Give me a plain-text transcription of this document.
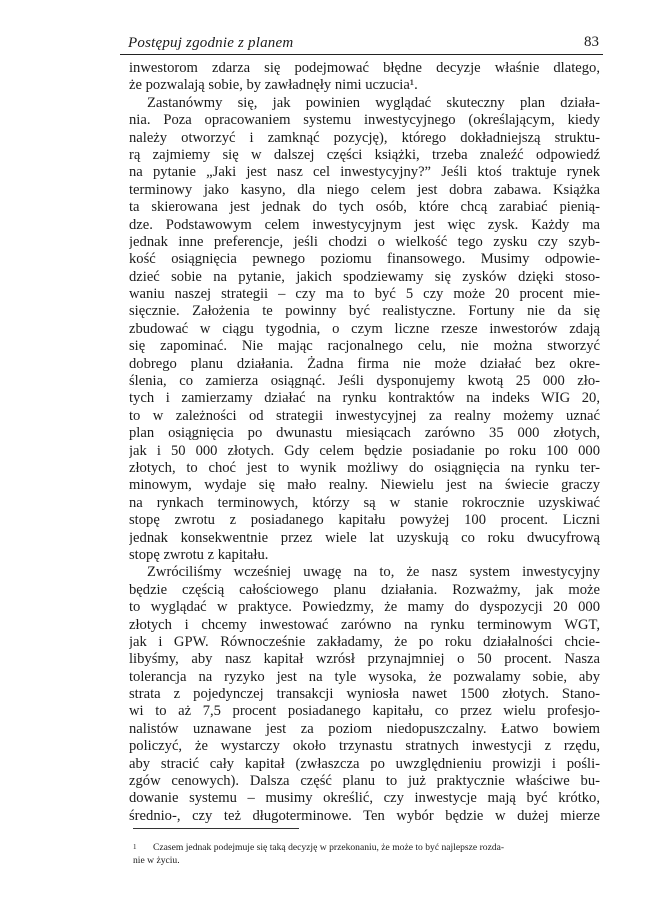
Postępuj zgodnie z planem	83
inwestorom zdarza się podejmować błędne decyzje właśnie dlatego,
że pozwalają sobie, by zawładnęły nimi uczucia¹.
Zastanówmy się, jak powinien wyglądać skuteczny plan działa-
nia. Poza opracowaniem systemu inwestycyjnego (określającym, kiedy
należy otworzyć i zamknąć pozycję), którego dokładniejszą struktu-
rą zajmiemy się w dalszej części książki, trzeba znaleźć odpowiedź
na pytanie „Jaki jest nasz cel inwestycyjny?” Jeśli ktoś traktuje rynek
terminowy jako kasyno, dla niego celem jest dobra zabawa. Książka
ta skierowana jest jednak do tych osób, które chcą zarabiać pienią-
dze. Podstawowym celem inwestycyjnym jest więc zysk. Każdy ma
jednak inne preferencje, jeśli chodzi o wielkość tego zysku czy szyb-
kość osiągnięcia pewnego poziomu finansowego. Musimy odpowie-
dzieć sobie na pytanie, jakich spodziewamy się zysków dzięki stoso-
waniu naszej strategii – czy ma to być 5 czy może 20 procent mie-
sięcznie. Założenia te powinny być realistyczne. Fortuny nie da się
zbudować w ciągu tygodnia, o czym liczne rzesze inwestorów zdają
się zapominać. Nie mając racjonalnego celu, nie można stworzyć
dobrego planu działania. Żadna firma nie może działać bez okre-
ślenia, co zamierza osiągnąć. Jeśli dysponujemy kwotą 25 000 zło-
tych i zamierzamy działać na rynku kontraktów na indeks WIG 20,
to w zależności od strategii inwestycyjnej za realny możemy uznać
plan osiągnięcia po dwunastu miesiącach zarówno 35 000 złotych,
jak i 50 000 złotych. Gdy celem będzie posiadanie po roku 100 000
złotych, to choć jest to wynik możliwy do osiągnięcia na rynku ter-
minowym, wydaje się mało realny. Niewielu jest na świecie graczy
na rynkach terminowych, którzy są w stanie rokrocznie uzyskiwać
stopę zwrotu z posiadanego kapitału powyżej 100 procent. Liczni
jednak konsekwentnie przez wiele lat uzyskują co roku dwucyfrową
stopę zwrotu z kapitału.
Zwróciliśmy wcześniej uwagę na to, że nasz system inwestycyjny
będzie częścią całościowego planu działania. Rozważmy, jak może
to wyglądać w praktyce. Powiedzmy, że mamy do dyspozycji 20 000
złotych i chcemy inwestować zarówno na rynku terminowym WGT,
jak i GPW. Równocześnie zakładamy, że po roku działalności chcie-
libyśmy, aby nasz kapitał wzrósł przynajmniej o 50 procent. Nasza
tolerancja na ryzyko jest na tyle wysoka, że pozwalamy sobie, aby
strata z pojedynczej transakcji wyniosła nawet 1500 złotych. Stano-
wi to aż 7,5 procent posiadanego kapitału, co przez wielu profesjo-
nalistów uznawane jest za poziom niedopuszczalny. Łatwo bowiem
policzyć, że wystarczy około trzynastu stratnych inwestycji z rzędu,
aby stracić cały kapitał (zwłaszcza po uwzględnieniu prowizji i pośli-
zgów cenowych). Dalsza część planu to już praktycznie właściwe bu-
dowanie systemu – musimy określić, czy inwestycje mają być krótko,
średnio-, czy też długoterminowe. Ten wybór będzie w dużej mierze
1 Czasem jednak podejmuje się taką decyzję w przekonaniu, że może to być najlepsze rozda-
nie w życiu.
